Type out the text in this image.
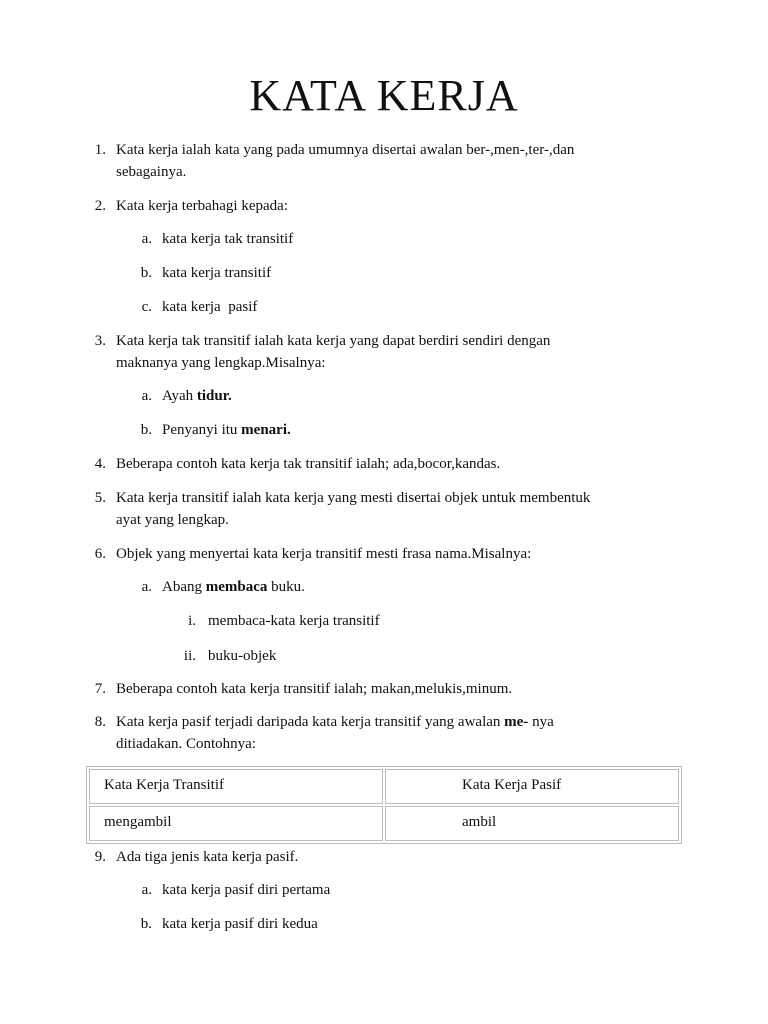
KATA KERJA
1. Kata kerja ialah kata yang pada umumnya disertai awalan ber-,men-,ter-,dan
sebagainya.
2. Kata kerja terbahagi kepada:
a. kata kerja tak transitif
b. kata kerja transitif
c. kata kerja  pasif
3. Kata kerja tak transitif ialah kata kerja yang dapat berdiri sendiri dengan
maknanya yang lengkap.Misalnya:
a. Ayah tidur.
b. Penyanyi itu menari.
4. Beberapa contoh kata kerja tak transitif ialah; ada,bocor,kandas.
5. Kata kerja transitif ialah kata kerja yang mesti disertai objek untuk membentuk
ayat yang lengkap.
6. Objek yang menyertai kata kerja transitif mesti frasa nama.Misalnya:
a. Abang membaca buku.
i. membaca-kata kerja transitif
ii. buku-objek
7. Beberapa contoh kata kerja transitif ialah; makan,melukis,minum.
8. Kata kerja pasif terjadi daripada kata kerja transitif yang awalan me- nya
ditiadakan. Contohnya:
Kata Kerja Transitif	Kata Kerja Pasif
mengambil	ambil
9. Ada tiga jenis kata kerja pasif.
a. kata kerja pasif diri pertama
b. kata kerja pasif diri kedua
